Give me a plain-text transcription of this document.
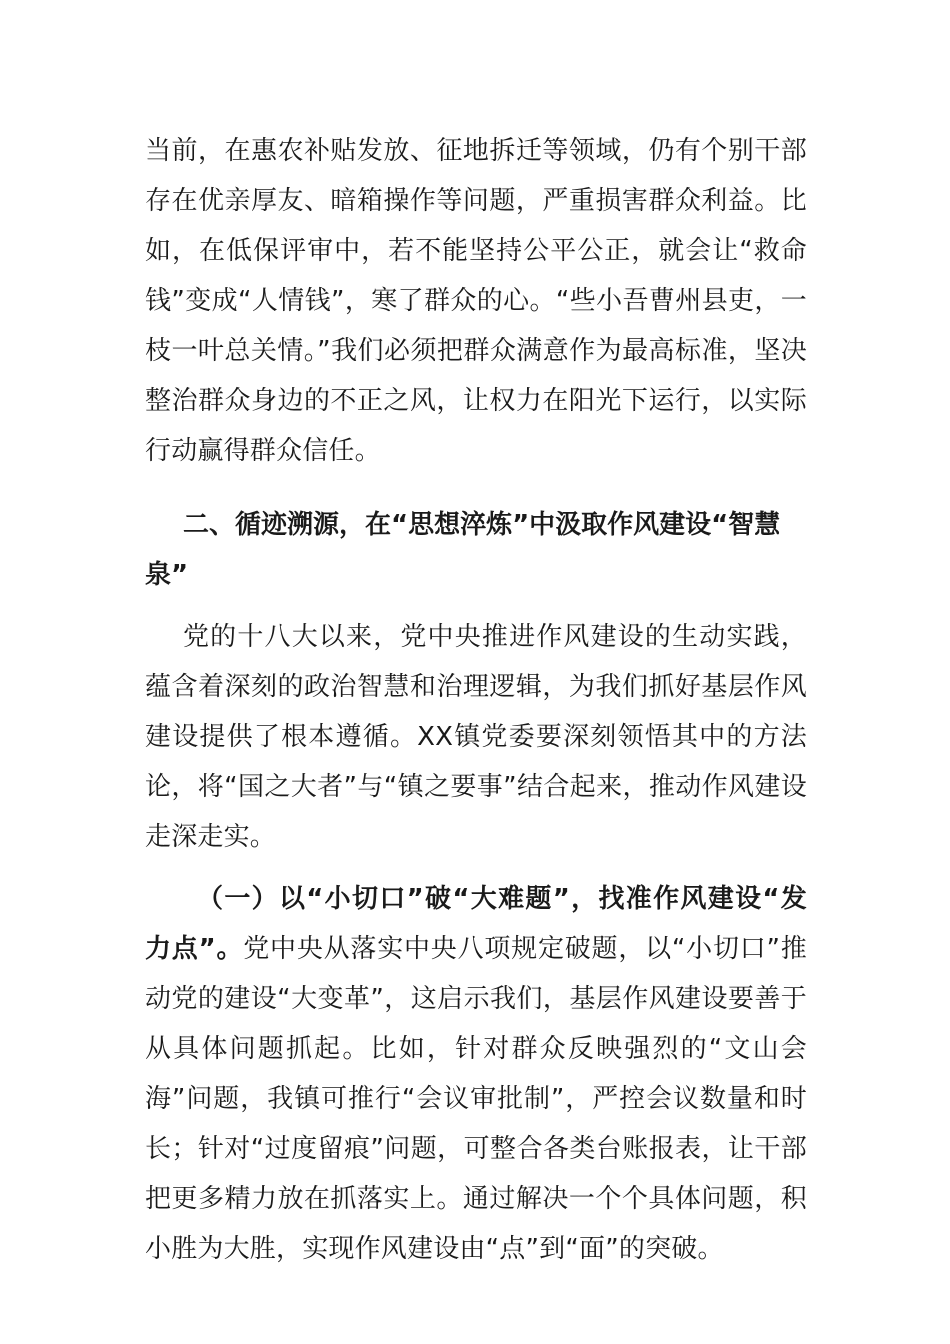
当前，在惠农补贴发放、征地拆迁等领域，仍有个别干部存在优亲厚友、暗箱操作等问题，严重损害群众利益。比如，在低保评审中，若不能坚持公平公正，就会让“救命钱”变成“人情钱”，寒了群众的心。“些小吾曹州县吏，一枝一叶总关情。”我们必须把群众满意作为最高标准，坚决整治群众身边的不正之风，让权力在阳光下运行，以实际行动赢得群众信任。

二、循迹溯源，在“思想淬炼”中汲取作风建设“智慧泉”

党的十八大以来，党中央推进作风建设的生动实践，蕴含着深刻的政治智慧和治理逻辑，为我们抓好基层作风建设提供了根本遵循。XX镇党委要深刻领悟其中的方法论，将“国之大者”与“镇之要事”结合起来，推动作风建设走深走实。

（一）以“小切口”破“大难题”，找准作风建设“发力点”。党中央从落实中央八项规定破题，以“小切口”推动党的建设“大变革”，这启示我们，基层作风建设要善于从具体问题抓起。比如，针对群众反映强烈的“文山会海”问题，我镇可推行“会议审批制”，严控会议数量和时长；针对“过度留痕”问题，可整合各类台账报表，让干部把更多精力放在抓落实上。通过解决一个个具体问题，积小胜为大胜，实现作风建设由“点”到“面”的突破。
